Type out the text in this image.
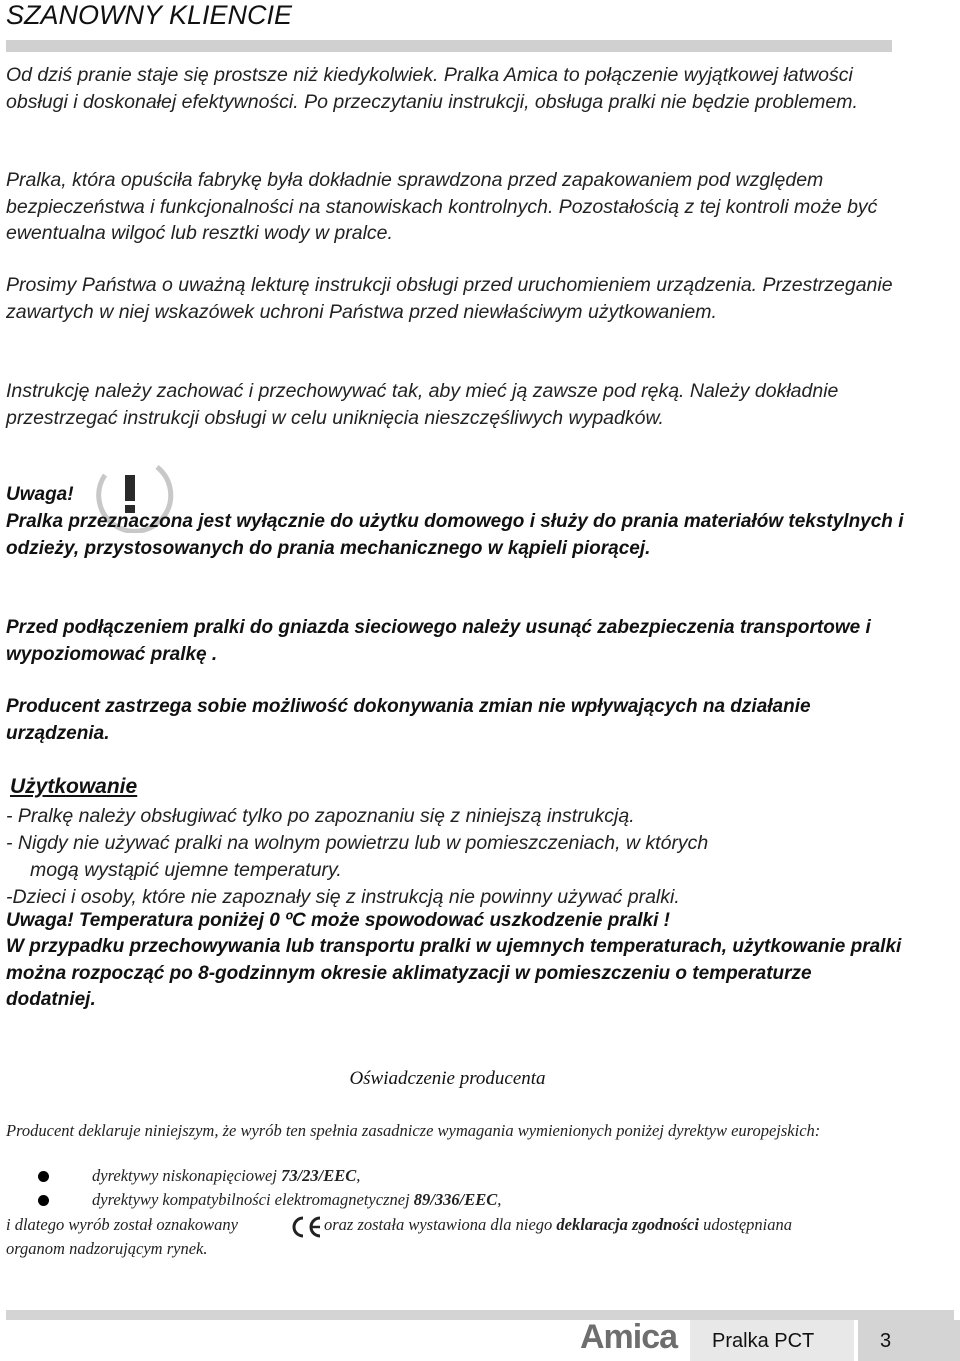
SZANOWNY KLIENCIE
Od dziś pranie staje się prostsze niż kiedykolwiek. Pralka Amica to połączenie wyjątkowej łatwości obsługi i doskonałej efektywności. Po przeczytaniu instrukcji, obsługa pralki nie będzie problemem.
Pralka, która opuściła fabrykę była dokładnie sprawdzona przed zapakowaniem pod względem bezpieczeństwa i funkcjonalności na stanowiskach kontrolnych. Pozostałością z tej kontroli może być ewentualna wilgoć lub resztki wody w pralce.
Prosimy Państwa o uważną lekturę instrukcji obsługi przed uruchomieniem urządzenia. Przestrzeganie zawartych w niej wskazówek uchroni Państwa przed niewłaściwym użytkowaniem.
Instrukcję należy zachować i przechowywać tak, aby mieć ją zawsze pod ręką. Należy dokładnie przestrzegać instrukcji obsługi w celu uniknięcia nieszczęśliwych wypadków.
Uwaga!
Pralka przeznaczona jest wyłącznie do użytku domowego i służy do prania materiałów tekstylnych i odzieży, przystosowanych do prania mechanicznego w kąpieli piorącej.
Przed podłączeniem pralki do gniazda sieciowego należy usunąć zabezpieczenia transportowe i wypoziomować pralkę .
Producent zastrzega sobie możliwość dokonywania zmian nie wpływających na działanie urządzenia.
Użytkowanie
- Pralkę należy obsługiwać tylko po zapoznaniu się z niniejszą instrukcją.
- Nigdy nie używać pralki na wolnym powietrzu lub w pomieszczeniach, w których
mogą wystąpić ujemne temperatury.
-Dzieci i osoby, które nie zapoznały się z instrukcją nie powinny używać pralki.
Uwaga! Temperatura poniżej 0 ºC może spowodować uszkodzenie pralki !
W przypadku przechowywania lub transportu pralki w ujemnych temperaturach, użytkowanie pralki można rozpocząć po 8-godzinnym okresie aklimatyzacji w pomieszczeniu o temperaturze dodatniej.
Oświadczenie producenta
Producent deklaruje niniejszym, że wyrób ten spełnia zasadnicze wymagania wymienionych poniżej dyrektyw europejskich:
dyrektywy niskonapięciowej 73/23/EEC,
dyrektywy kompatybilności elektromagnetycznej 89/336/EEC,
i dlatego wyrób został oznakowany	oraz została wystawiona dla niego deklaracja zgodności udostępniana
organom nadzorującym rynek.
Amica Pralka PCT	3
